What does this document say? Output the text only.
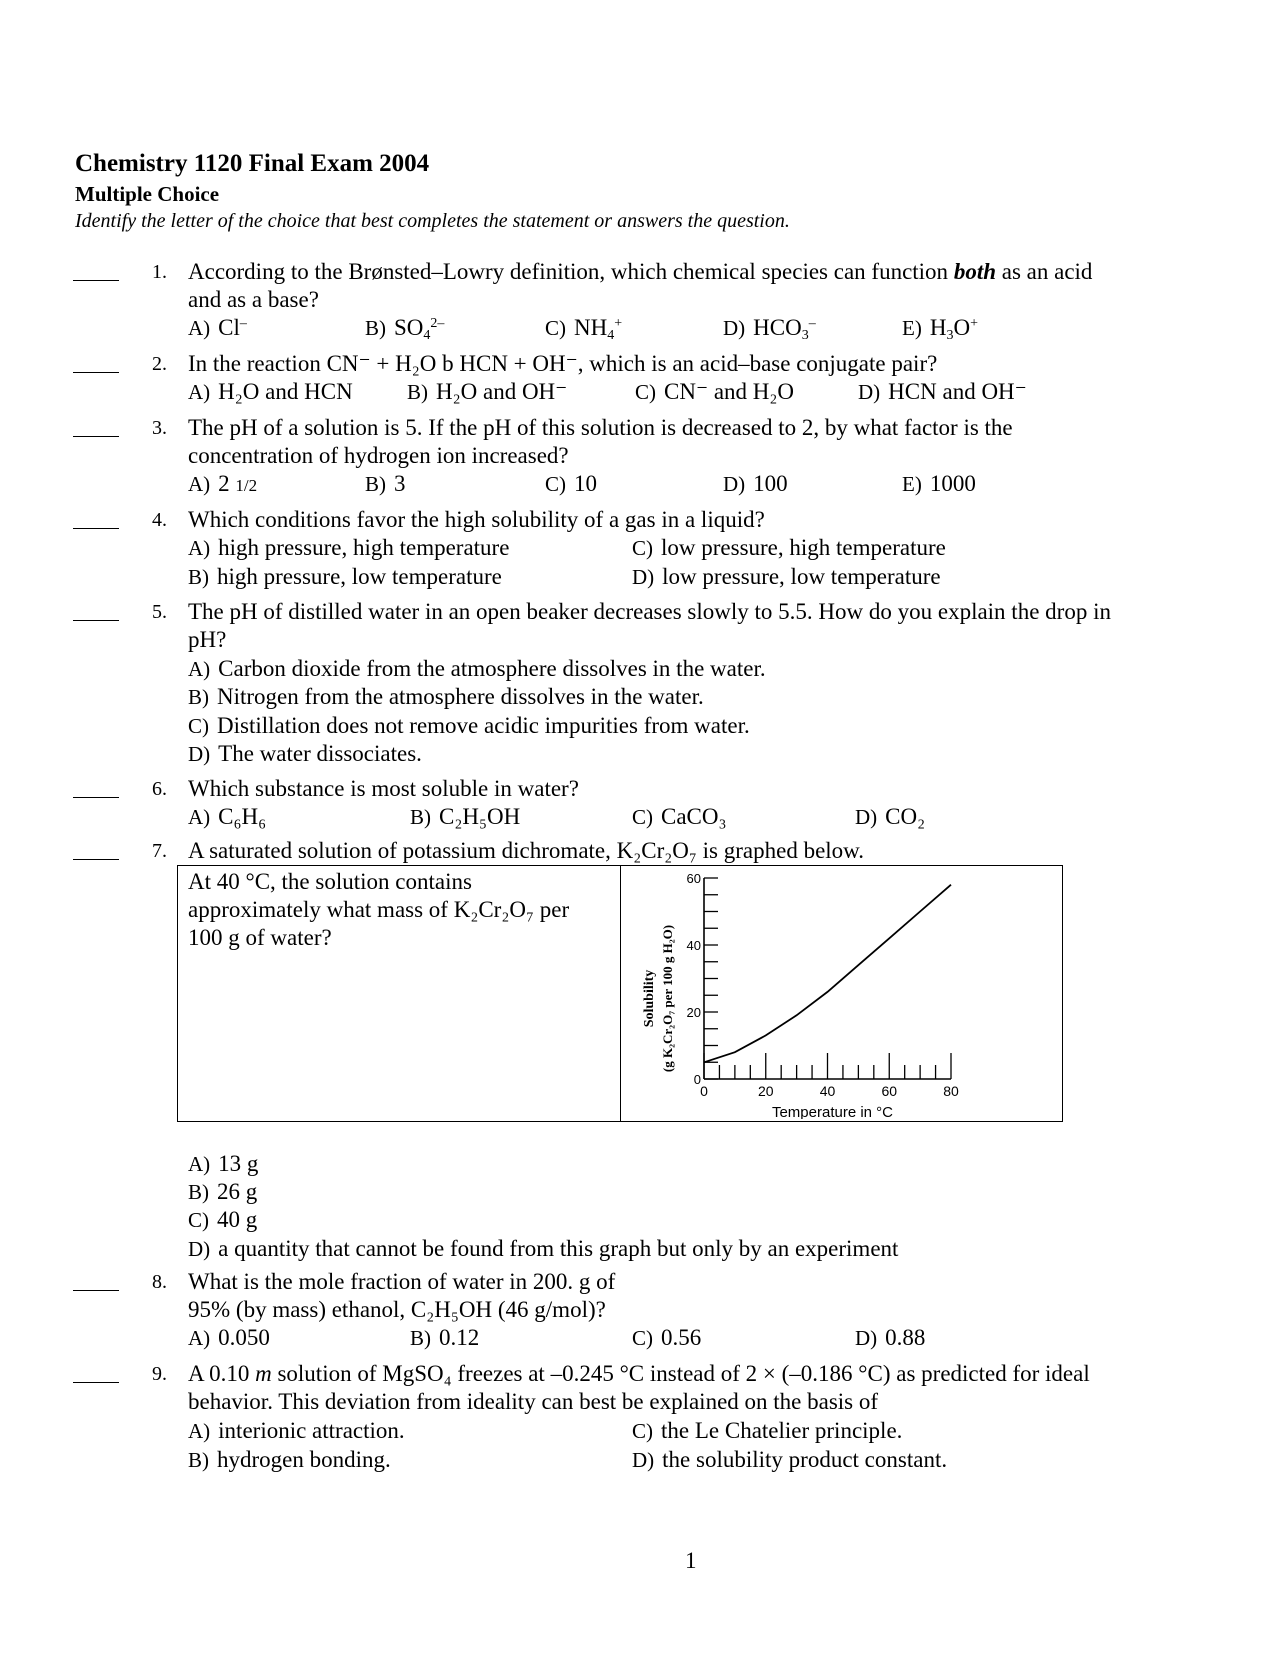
Chemistry 1120 Final Exam 2004
Multiple Choice
Identify the letter of the choice that best completes the statement or answers the question.
1. According to the Brønsted–Lowry definition, which chemical species can function both as an acid
and as a base?
A) Cl–	B) $SO_4^{2-}$	C) $NH_4^+$	D) $HCO_3^-$	E) $H_3O^+$
2. In the reaction CN⁻ + H₂O b HCN + OH⁻, which is an acid–base conjugate pair?
A) H₂O and HCN	B) H₂O and OH⁻	C) CN⁻ and H₂O	D) HCN and OH⁻
3. The pH of a solution is 5. If the pH of this solution is decreased to 2, by what factor is the
concentration of hydrogen ion increased?
A) 2 1/2	B) 3	C) 10	D) 100	E) 1000
4. Which conditions favor the high solubility of a gas in a liquid?
A) high pressure, high temperature
B) high pressure, low temperature
C) low pressure, high temperature
D) low pressure, low temperature
5. The pH of distilled water in an open beaker decreases slowly to 5.5. How do you explain the drop in
pH?
A) Carbon dioxide from the atmosphere dissolves in the water.
B) Nitrogen from the atmosphere dissolves in the water.
C) Distillation does not remove acidic impurities from water.
D) The water dissociates.
6. Which substance is most soluble in water?
A) C₆H₆	B) C₂H₅OH	C) CaCO₃	D) CO₂
7. A saturated solution of potassium dichromate, K₂Cr₂O₇ is graphed below.
At 40 °C, the solution contains
approximately what mass of K₂Cr₂O₇ per
100 g of water?
0
20
40
60
0	20	40	60	80
Temperature in °C
Solubility (g K₂Cr₂O₇ per 100 g H₂O)
A) 13 g
B) 26 g
C) 40 g
D) a quantity that cannot be found from this graph but only by an experiment
8. What is the mole fraction of water in 200. g of
95% (by mass) ethanol, C₂H₅OH (46 g/mol)?
A) 0.050	B) 0.12	C) 0.56	D) 0.88
9. A 0.10 m solution of MgSO₄ freezes at –0.245 °C instead of 2 × (–0.186 °C) as predicted for ideal
behavior. This deviation from ideality can best be explained on the basis of
A) interionic attraction.
B) hydrogen bonding.
C) the Le Chatelier principle.
D) the solubility product constant.
1
